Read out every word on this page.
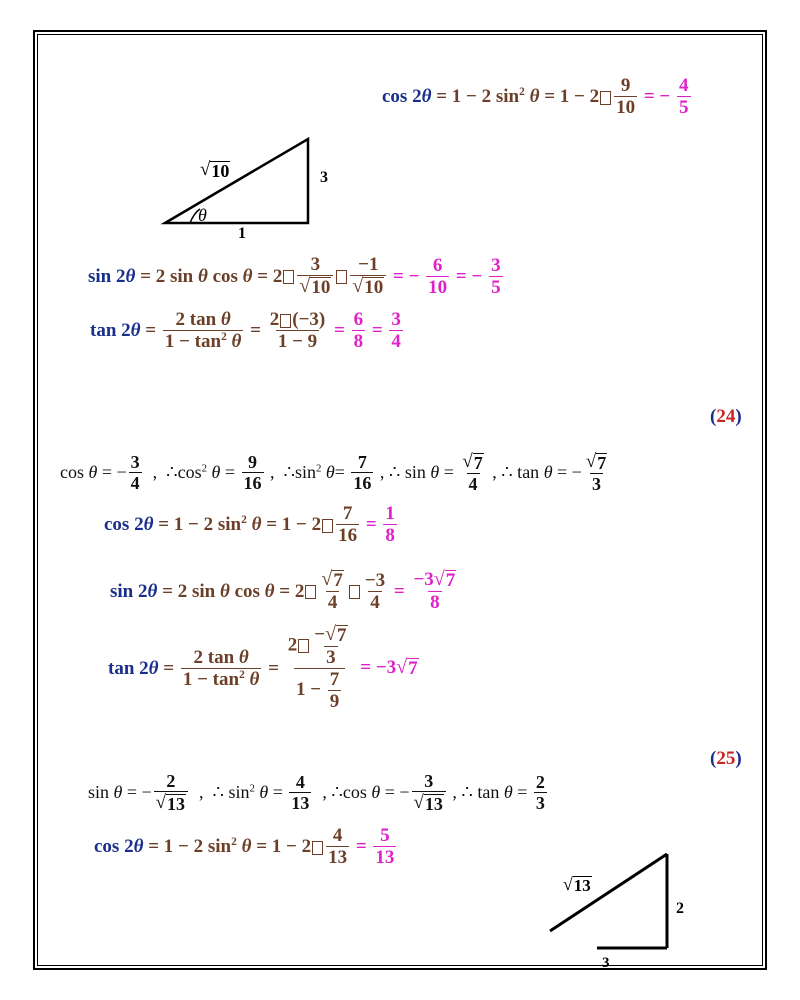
cos 2θ = 1 − 2 $\sin^2 \theta = 1 - 2 \frac{9}{10}$ = − $\frac{4}{5}$
√ 10	3
1
θ
sin 2θ = 2 sin θ $\cos \theta = 2 \frac{3}{√ 10} \frac{-1}{√ 10}$ = − $\frac{6}{10}$ = − $\frac{3}{5}$
$\tan 2\theta = \frac{\text{2 tan θ}}{1 - \tan^2 \theta} = \frac{2 (-3)}{1 - 9} = \frac{6}{8} = \frac{3}{4}$
(24)
cos θ = − $\frac{3}{4}$ ,  $\therefore\cos^2$ $\theta = \frac{9}{16}$ ,  $\therefore\sin^2$ $\theta= \frac{7}{16}$ , ∴ $\sin \theta = \frac{√ 7}{4}$ , ∴ tan θ = − $\frac{√ 7}{3}$
cos 2θ = 1 − 2 $\sin^2 \theta = 1 - 2 \frac{7}{16} = \frac{1}{8}$
sin 2θ = 2 sin θ $\cos \theta = 2 \frac{√ 7}{4} \frac{-3}{4} = \frac{-3 √ 7}{8}$
$\tan 2\theta = \frac{\text{2 tan θ}}{1 - \tan^2 \theta} = \frac{2 \frac{- √ 7}{3}}{1 - \frac{7}{9}} = -3$ √ 7
(25)
sin θ = − $\frac{2}{√ 13}$ ,  ∴ $\sin^2 \theta = \frac{4}{13}$ , ∴cos θ = − $\frac{3}{√ 13}$ , ∴ $\tan \theta = \frac{2}{3}$
cos 2θ = 1 − 2 $\sin^2 \theta = 1 - 2 \frac{4}{13} = \frac{5}{13}$
√ 13
2
3
